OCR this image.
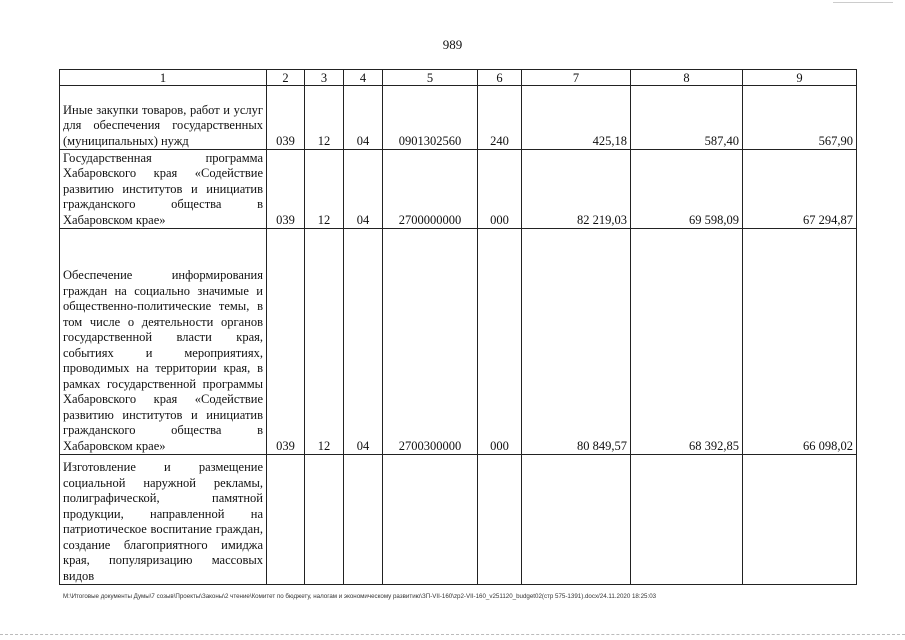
989
1	2	3	4	5	6	7	8	9
Иные закупки товаров, работ и услуг для обеспечения государственных (муниципальных) нужд	039	12	04	0901302560	240	425,18	587,40	567,90
Государственная программа Хабаровского края «Содействие развитию институтов и инициатив гражданского общества в Хабаровском крае»	039	12	04	2700000000	000	82 219,03	69 598,09	67 294,87
Обеспечение информирования граждан на социально значимые и общественно-политические темы, в том числе о деятельности органов государственной власти края, событиях и мероприятиях, проводимых на территории края, в рамках государственной программы Хабаровского края «Содействие развитию институтов и инициатив гражданского общества в Хабаровском крае»	039	12	04	2700300000	000	80 849,57	68 392,85	66 098,02
Изготовление и размещение социальной наружной рекламы, полиграфической, памятной продукции, направленной на патриотическое воспитание граждан, создание благоприятного имиджа края, популяризацию массовых видов								
M:\Итоговые документы Думы\7 созыв\Проекты\Законы\2 чтение\Комитет по бюджету, налогам и экономическому развитию\ЗП-VII-160\zp2-VII-160_v251120_budget02(стр 575-1391).docx/24.11.2020 18:25:03
